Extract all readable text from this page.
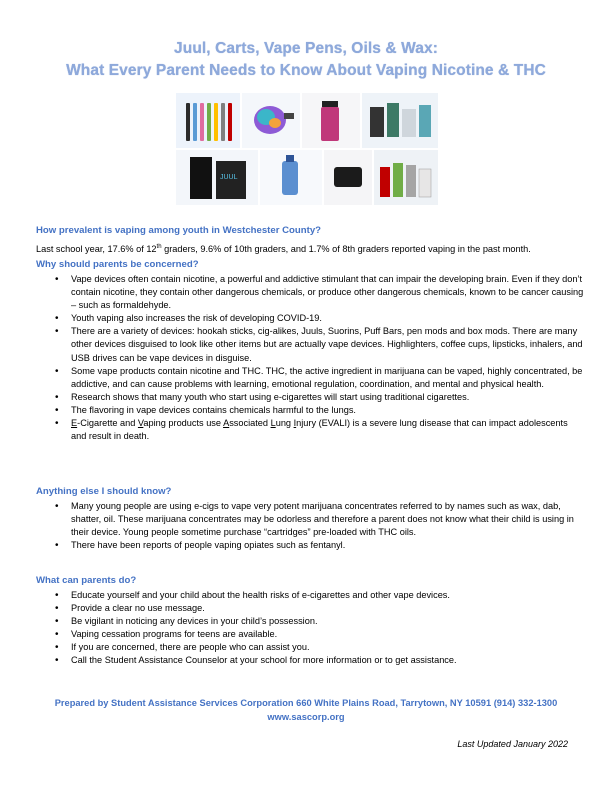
Juul, Carts, Vape Pens, Oils & Wax:
What Every Parent Needs to Know About Vaping Nicotine & THC
JUUL
How prevalent is vaping among youth in Westchester County?
Last school year, 17.6% of 12th graders, 9.6% of 10th graders, and 1.7% of 8th graders reported vaping in the past month.
Why should parents be concerned?
• Vape devices often contain nicotine, a powerful and addictive stimulant that can impair the developing brain. Even if they don’t contain nicotine, they contain other dangerous chemicals, or produce other dangerous chemicals, known to be cancer causing – such as formaldehyde.
• Youth vaping also increases the risk of developing COVID-19.
• There are a variety of devices: hookah sticks, cig-alikes, Juuls, Suorins, Puff Bars, pen mods and box mods. There are many other devices disguised to look like other items but are actually vape devices. Highlighters, coffee cups, lipsticks, inhalers, and USB drives can be vape devices in disguise.
• Some vape products contain nicotine and THC. THC, the active ingredient in marijuana can be vaped, highly concentrated, be addictive, and can cause problems with learning, emotional regulation, coordination, and mental and physical health.
• Research shows that many youth who start using e-cigarettes will start using traditional cigarettes.
• The flavoring in vape devices contains chemicals harmful to the lungs.
• E-Cigarette and Vaping products use Associated Lung Injury (EVALI) is a severe lung disease that can impact adolescents and result in death.
Anything else I should know?
• Many young people are using e-cigs to vape very potent marijuana concentrates referred to by names such as wax, dab, shatter, oil. These marijuana concentrates may be odorless and therefore a parent does not know what their child is using in their device. Young people sometime purchase “cartridges” pre-loaded with THC oils.
• There have been reports of people vaping opiates such as fentanyl.
What can parents do?
• Educate yourself and your child about the health risks of e-cigarettes and other vape devices.
• Provide a clear no use message.
• Be vigilant in noticing any devices in your child’s possession.
• Vaping cessation programs for teens are available.
• If you are concerned, there are people who can assist you.
• Call the Student Assistance Counselor at your school for more information or to get assistance.
Prepared by Student Assistance Services Corporation 660 White Plains Road, Tarrytown, NY 10591 (914) 332-1300
www.sascorp.org
Last Updated January 2022
